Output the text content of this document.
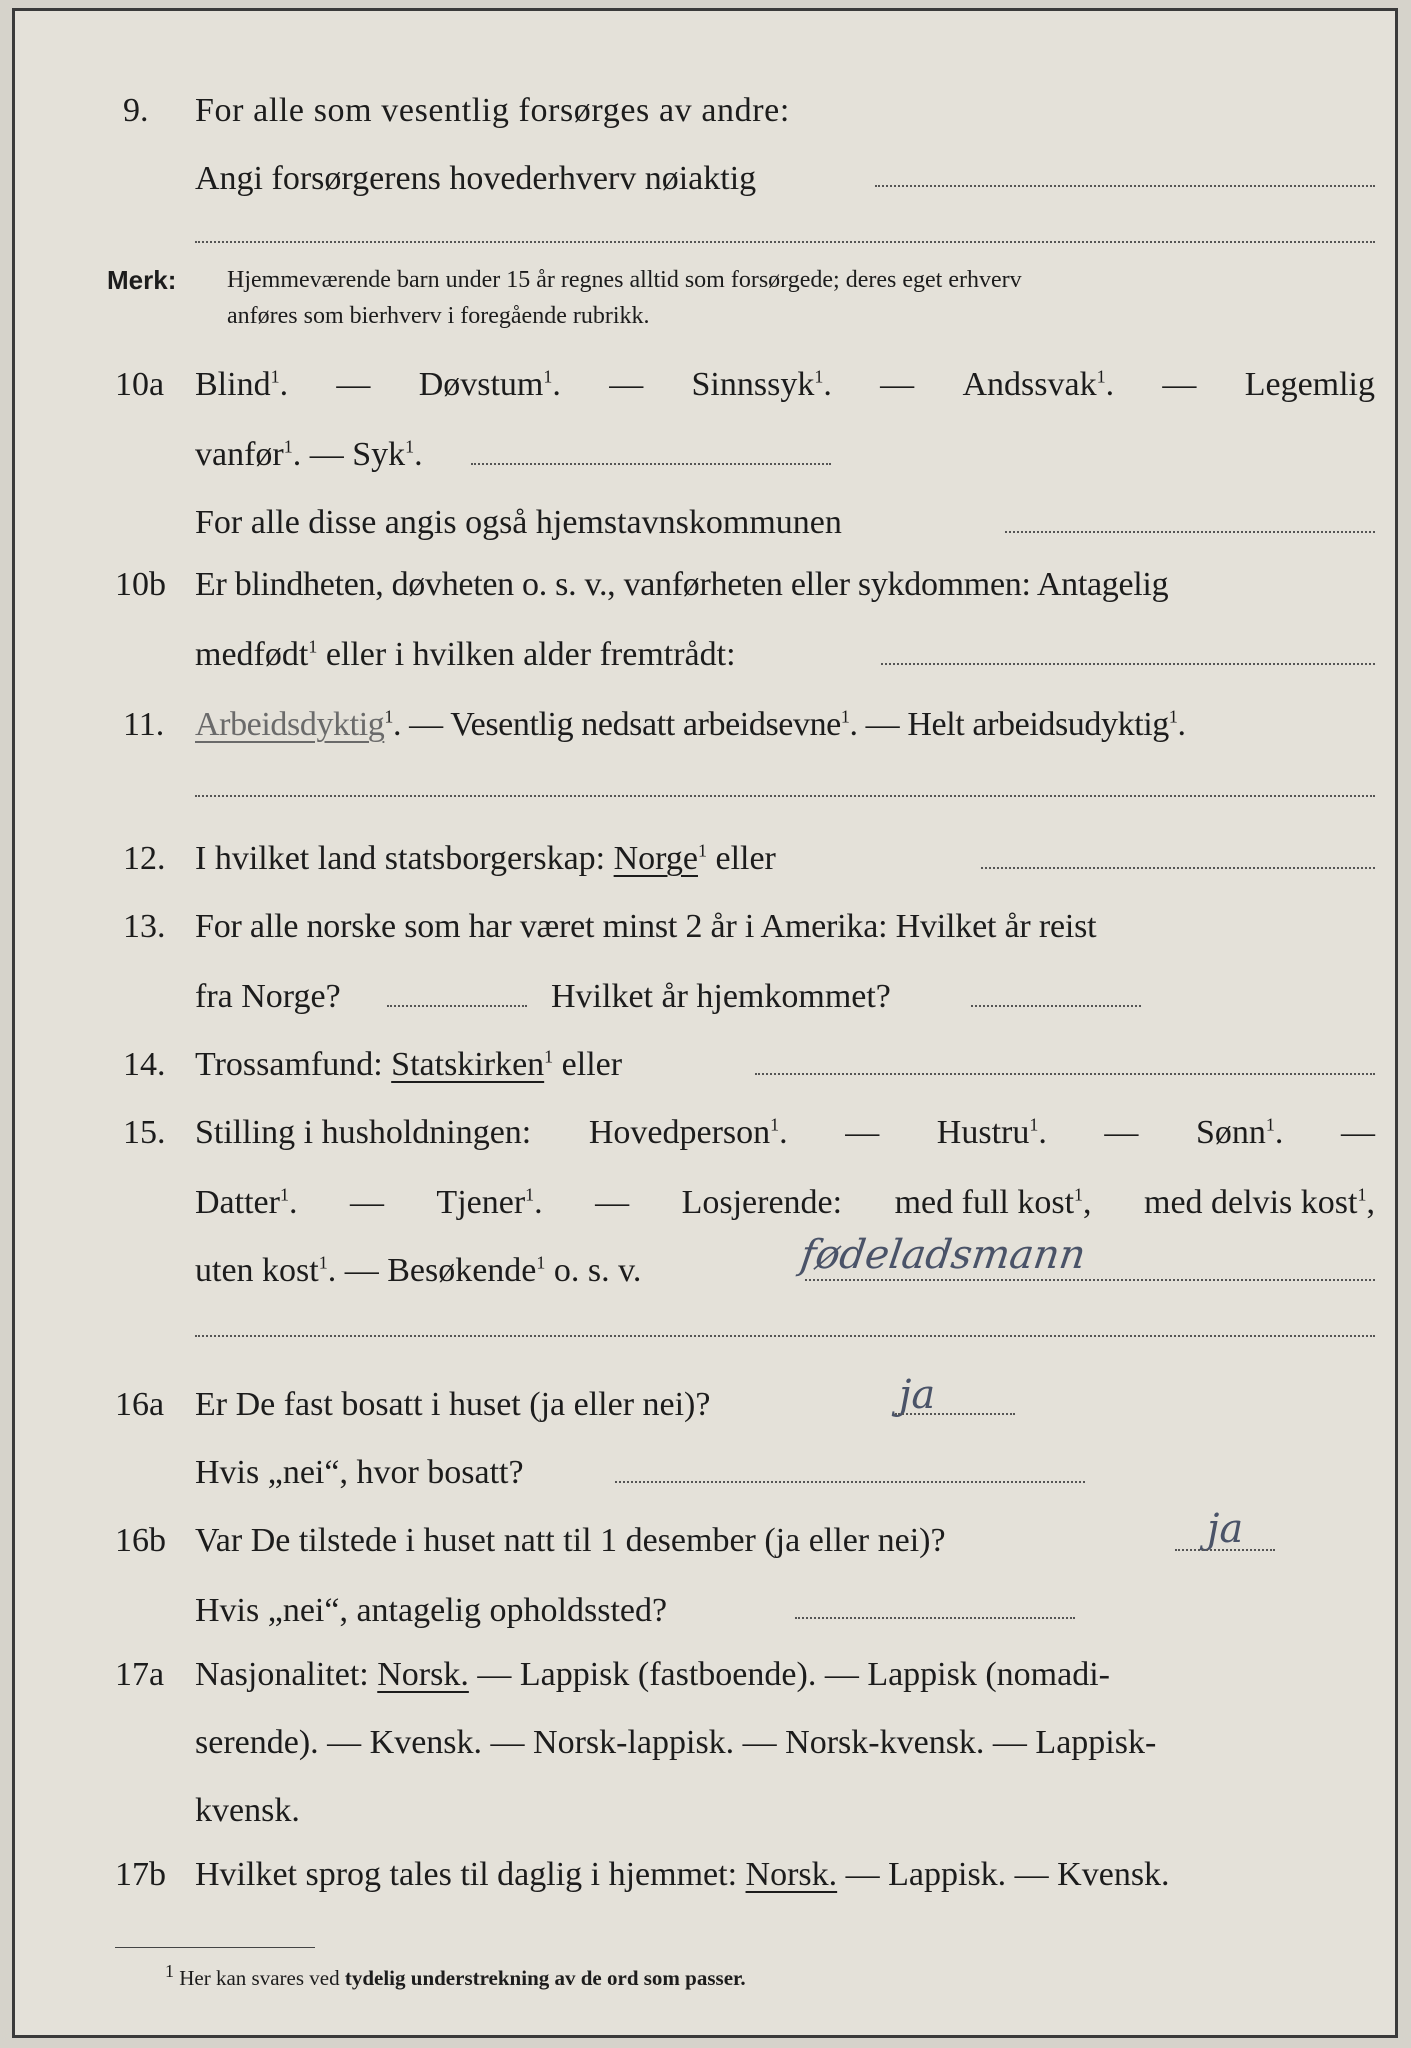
9. For alle som vesentlig forsørges av andre:
Angi forsørgerens hovederhverv nøiaktig
Merk: Hjemmeværende barn under 15 år regnes alltid som forsørgede; deres eget erhverv
anføres som bierhverv i foregående rubrikk.
10a Blind$^1$. — Døvstum$^1$. — Sinnssyk$^1$. — Andssvak$^1$. — Legemlig
vanfør$^1$. — Syk$^1$.
For alle disse angis også hjemstavnskommunen
10b Er blindheten, døvheten o. s. v., vanførheten eller sykdommen: Antagelig
medfødt$^1$ eller i hvilken alder fremtrådt:
11. Arbeidsdyktig$^1$. — Vesentlig nedsatt arbeidsevne$^1$. — Helt arbeidsudyktig$^1$.
12. I hvilket land statsborgerskap: Norge$^1$ eller
13. For alle norske som har været minst 2 år i Amerika: Hvilket år reist
fra Norge?	Hvilket år hjemkommet?
14. Trossamfund: Statskirken$^1$ eller
15. Stilling i husholdningen: Hovedperson$^1$. — Hustru$^1$. — Sønn$^1$. —
Datter$^1$. — Tjener$^1$. — Losjerende: med full kost$^1$, med delvis kost$^1$,
uten kost$^1$. — Besøkende$^1$ o. s. v.	fødeladsmann
16a Er De fast bosatt i huset (ja eller nei)?	ja
Hvis „nei“, hvor bosatt?
16b Var De tilstede i huset natt til 1 desember (ja eller nei)?	ja
Hvis „nei“, antagelig opholdssted?
17a Nasjonalitet: Norsk. — Lappisk (fastboende). — Lappisk (nomadi-
serende). — Kvensk. — Norsk-lappisk. — Norsk-kvensk. — Lappisk-
kvensk.
17b Hvilket sprog tales til daglig i hjemmet: Norsk. — Lappisk. — Kvensk.
1 Her kan svares ved tydelig understrekning av de ord som passer.
